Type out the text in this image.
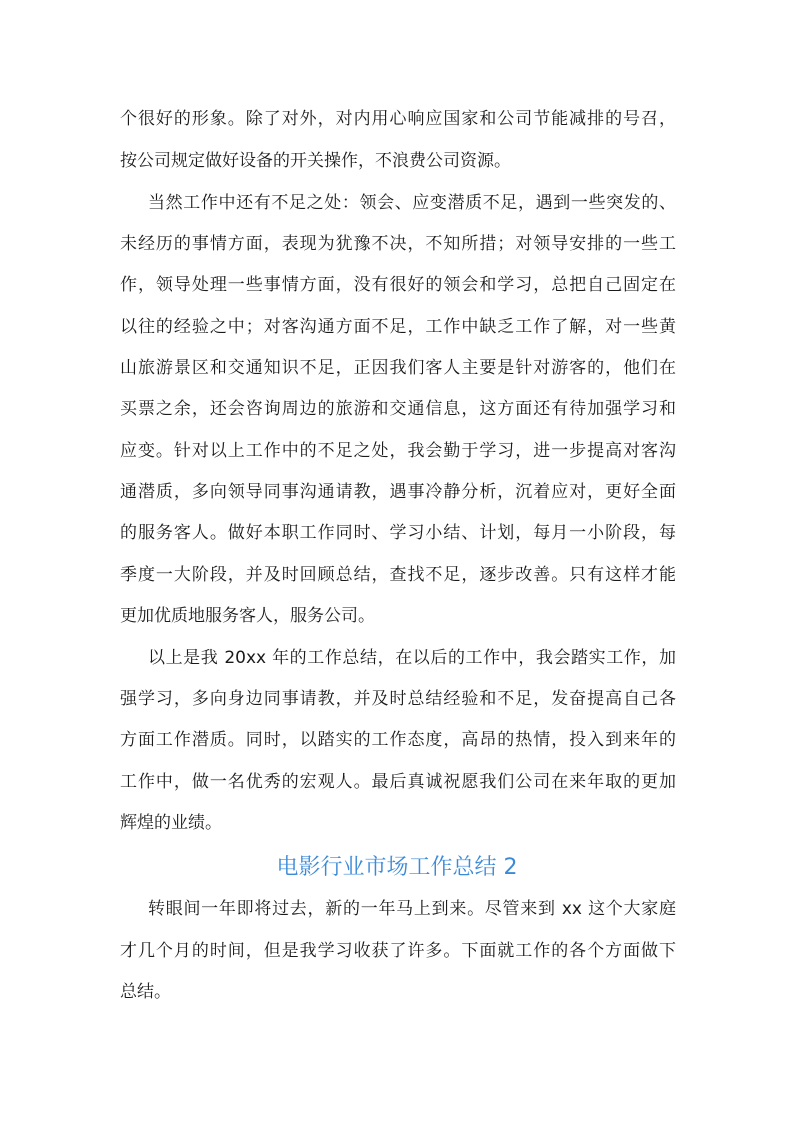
个很好的形象。除了对外，对内用心响应国家和公司节能减排的号召，
按公司规定做好设备的开关操作，不浪费公司资源。
当然工作中还有不足之处：领会、应变潜质不足，遇到一些突发的、
未经历的事情方面，表现为犹豫不决，不知所措；对领导安排的一些工
作，领导处理一些事情方面，没有很好的领会和学习，总把自己固定在
以往的经验之中；对客沟通方面不足，工作中缺乏工作了解，对一些黄
山旅游景区和交通知识不足，正因我们客人主要是针对游客的，他们在
买票之余，还会咨询周边的旅游和交通信息，这方面还有待加强学习和
应变。针对以上工作中的不足之处，我会勤于学习，进一步提高对客沟
通潜质，多向领导同事沟通请教，遇事冷静分析，沉着应对，更好全面
的服务客人。做好本职工作同时、学习小结、计划，每月一小阶段，每
季度一大阶段，并及时回顾总结，查找不足，逐步改善。只有这样才能
更加优质地服务客人，服务公司。
以上是我 20xx 年的工作总结，在以后的工作中，我会踏实工作，加
强学习，多向身边同事请教，并及时总结经验和不足，发奋提高自己各
方面工作潜质。同时，以踏实的工作态度，高昂的热情，投入到来年的
工作中，做一名优秀的宏观人。最后真诚祝愿我们公司在来年取的更加
辉煌的业绩。
电影行业市场工作总结 2
转眼间一年即将过去，新的一年马上到来。尽管来到 xx 这个大家庭
才几个月的时间，但是我学习收获了许多。下面就工作的各个方面做下
总结。
